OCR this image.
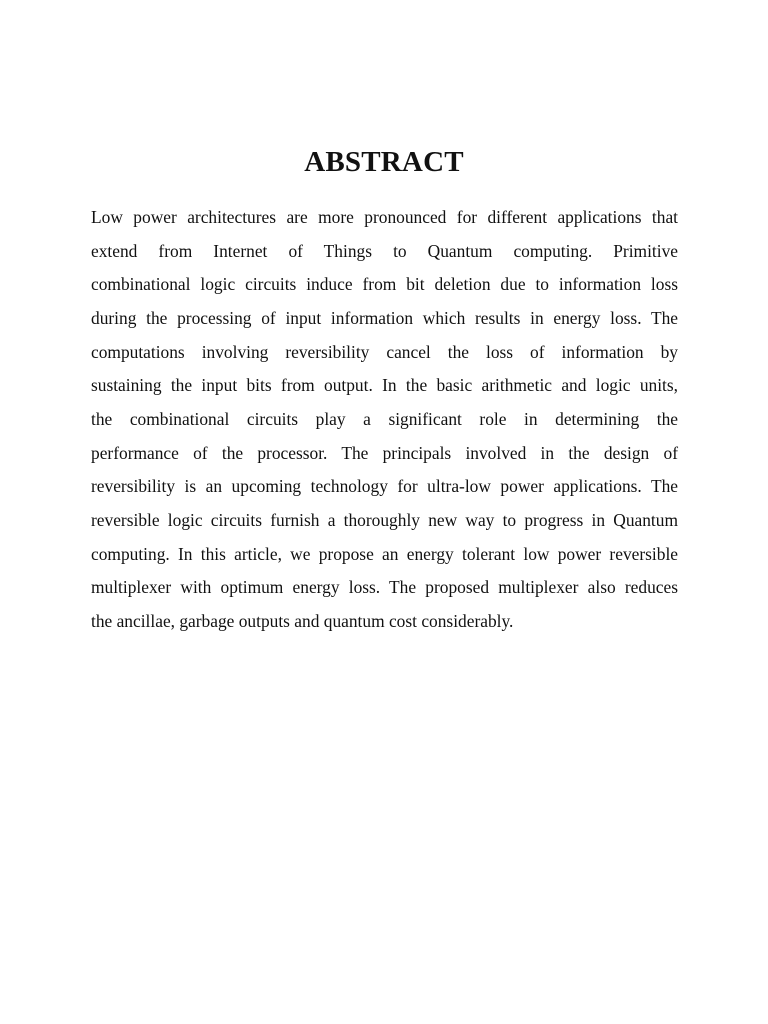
ABSTRACT
Low power architectures are more pronounced for different applications that
extend from Internet of Things to Quantum computing. Primitive
combinational logic circuits induce from bit deletion due to information loss
during the processing of input information which results in energy loss. The
computations involving reversibility cancel the loss of information by
sustaining the input bits from output. In the basic arithmetic and logic units,
the combinational circuits play a significant role in determining the
performance of the processor. The principals involved in the design of
reversibility is an upcoming technology for ultra-low power applications. The
reversible logic circuits furnish a thoroughly new way to progress in Quantum
computing. In this article, we propose an energy tolerant low power reversible
multiplexer with optimum energy loss. The proposed multiplexer also reduces
the ancillae, garbage outputs and quantum cost considerably.
